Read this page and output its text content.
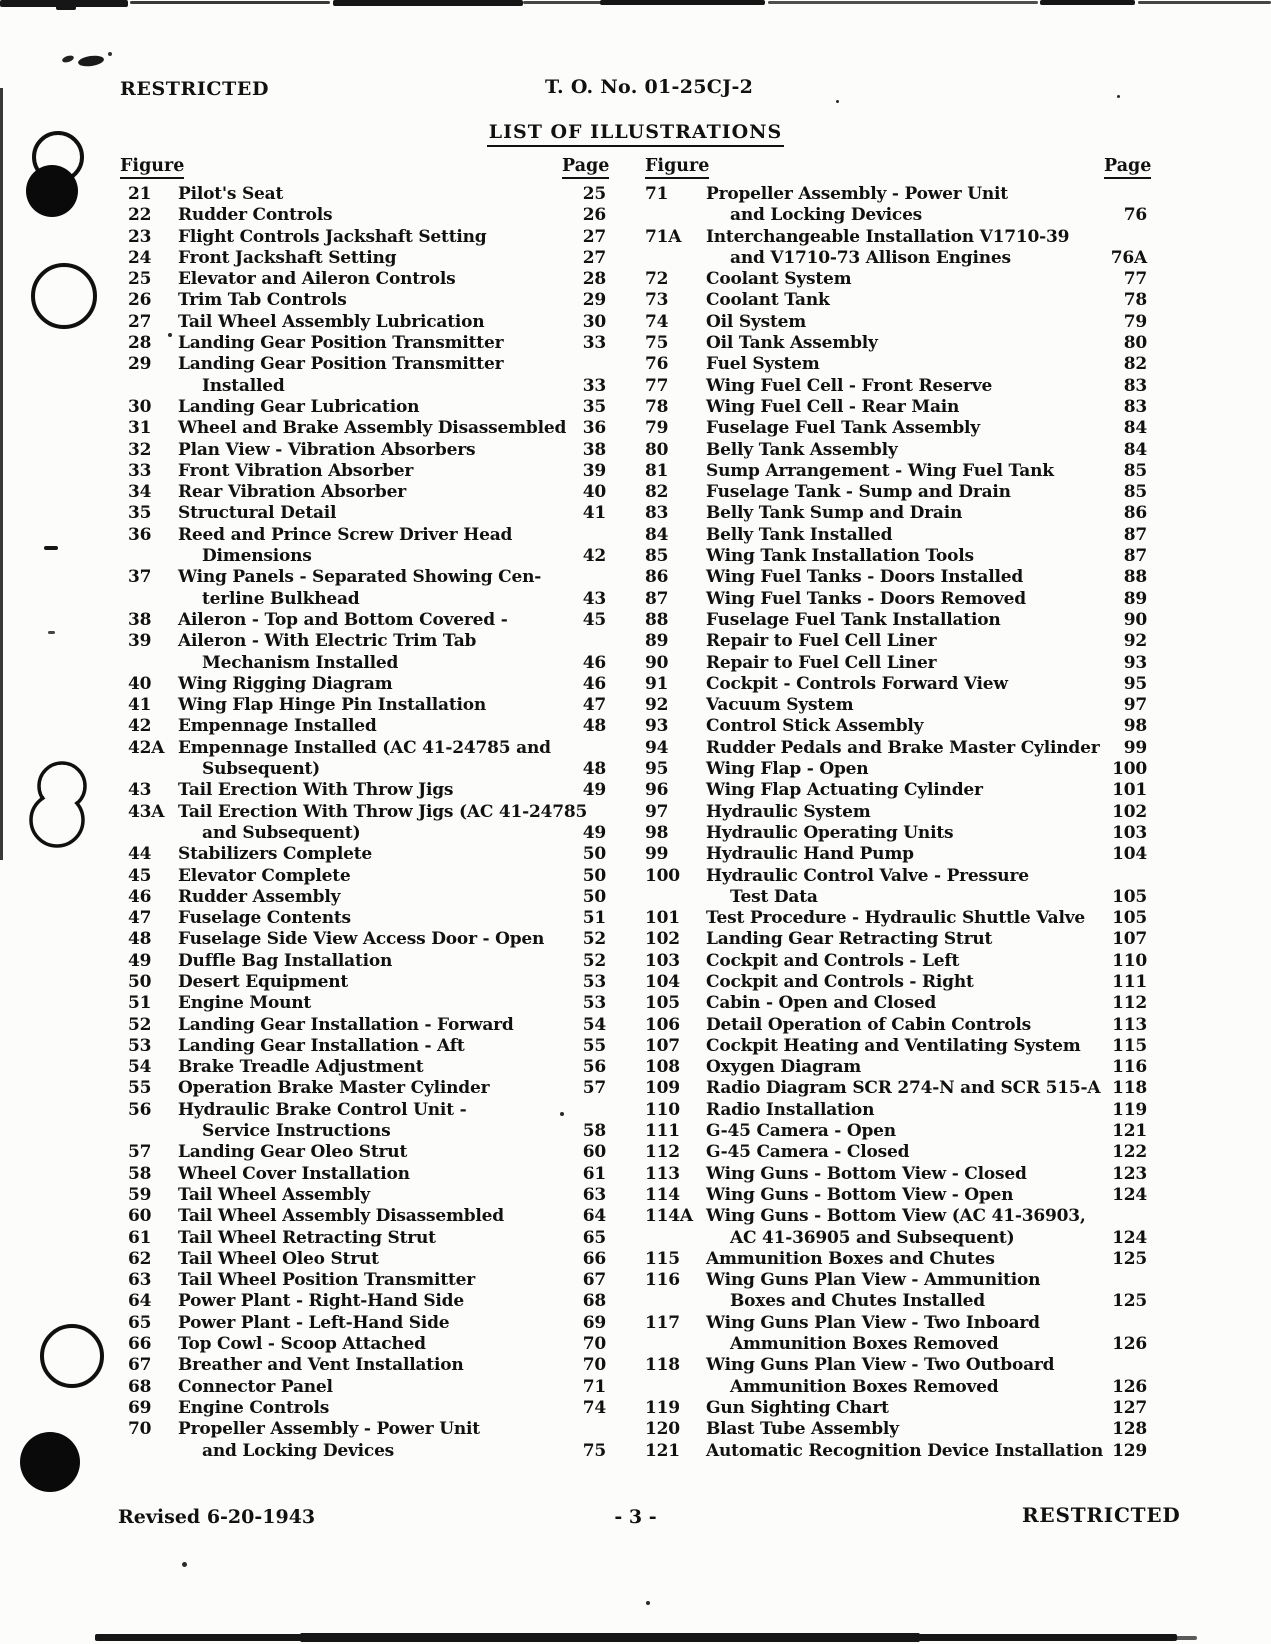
RESTRICTED	T. O. No. 01-25CJ-2
LIST OF ILLUSTRATIONS
Figure	Page Figure	Page
21 Pilot's Seat	25
22 Rudder Controls	26
23 Flight Controls Jackshaft Setting	27
24 Front Jackshaft Setting	27
25 Elevator and Aileron Controls	28
26 Trim Tab Controls	29
27 Tail Wheel Assembly Lubrication	30
28 Landing Gear Position Transmitter	33
29 Landing Gear Position Transmitter
Installed	33
30 Landing Gear Lubrication	35
31 Wheel and Brake Assembly Disassembled 36
32 Plan View - Vibration Absorbers	38
33 Front Vibration Absorber	39
34 Rear Vibration Absorber	40
35 Structural Detail	41
36 Reed and Prince Screw Driver Head
Dimensions	42
37 Wing Panels - Separated Showing Cen-
terline Bulkhead	43
38 Aileron - Top and Bottom Covered -	45
39 Aileron - With Electric Trim Tab
Mechanism Installed	46
40 Wing Rigging Diagram	46
41 Wing Flap Hinge Pin Installation	47
42 Empennage Installed	48
42A Empennage Installed (AC 41-24785 and
Subsequent)	48
43 Tail Erection With Throw Jigs	49
43A Tail Erection With Throw Jigs (AC 41-24785
and Subsequent)	49
44 Stabilizers Complete	50
45 Elevator Complete	50
46 Rudder Assembly	50
47 Fuselage Contents	51
48 Fuselage Side View Access Door - Open 52
49 Duffle Bag Installation	52
50 Desert Equipment	53
51 Engine Mount	53
52 Landing Gear Installation - Forward	54
53 Landing Gear Installation - Aft	55
54 Brake Treadle Adjustment	56
55 Operation Brake Master Cylinder	57
56 Hydraulic Brake Control Unit -
Service Instructions	58
57 Landing Gear Oleo Strut	60
58 Wheel Cover Installation	61
59 Tail Wheel Assembly	63
60 Tail Wheel Assembly Disassembled	64
61 Tail Wheel Retracting Strut	65
62 Tail Wheel Oleo Strut	66
63 Tail Wheel Position Transmitter	67
64 Power Plant - Right-Hand Side	68
65 Power Plant - Left-Hand Side	69
66 Top Cowl - Scoop Attached	70
67 Breather and Vent Installation	70
68 Connector Panel	71
69 Engine Controls	74
70 Propeller Assembly - Power Unit
and Locking Devices	75
71 Propeller Assembly - Power Unit
and Locking Devices	76
71A Interchangeable Installation V1710-39
and V1710-73 Allison Engines	76A
72 Coolant System	77
73 Coolant Tank	78
74 Oil System	79
75 Oil Tank Assembly	80
76 Fuel System	82
77 Wing Fuel Cell - Front Reserve	83
78 Wing Fuel Cell - Rear Main	83
79 Fuselage Fuel Tank Assembly	84
80 Belly Tank Assembly	84
81 Sump Arrangement - Wing Fuel Tank	85
82 Fuselage Tank - Sump and Drain	85
83 Belly Tank Sump and Drain	86
84 Belly Tank Installed	87
85 Wing Tank Installation Tools	87
86 Wing Fuel Tanks - Doors Installed	88
87 Wing Fuel Tanks - Doors Removed	89
88 Fuselage Fuel Tank Installation	90
89 Repair to Fuel Cell Liner	92
90 Repair to Fuel Cell Liner	93
91 Cockpit - Controls Forward View	95
92 Vacuum System	97
93 Control Stick Assembly	98
94 Rudder Pedals and Brake Master Cylinder 99
95 Wing Flap - Open	100
96 Wing Flap Actuating Cylinder	101
97 Hydraulic System	102
98 Hydraulic Operating Units	103
99 Hydraulic Hand Pump	104
100 Hydraulic Control Valve - Pressure
Test Data	105
101 Test Procedure - Hydraulic Shuttle Valve 105
102 Landing Gear Retracting Strut	107
103 Cockpit and Controls - Left	110
104 Cockpit and Controls - Right	111
105 Cabin - Open and Closed	112
106 Detail Operation of Cabin Controls	113
107 Cockpit Heating and Ventilating System 115
108 Oxygen Diagram	116
109 Radio Diagram SCR 274-N and SCR 515-A 118
110 Radio Installation	119
111 G-45 Camera - Open	121
112 G-45 Camera - Closed	122
113 Wing Guns - Bottom View - Closed	123
114 Wing Guns - Bottom View - Open	124
114A Wing Guns - Bottom View (AC 41-36903,
AC 41-36905 and Subsequent)	124
115 Ammunition Boxes and Chutes	125
116 Wing Guns Plan View - Ammunition
Boxes and Chutes Installed	125
117 Wing Guns Plan View - Two Inboard
Ammunition Boxes Removed	126
118 Wing Guns Plan View - Two Outboard
Ammunition Boxes Removed	126
119 Gun Sighting Chart	127
120 Blast Tube Assembly	128
121 Automatic Recognition Device Installation 129
- 3 -
Revised 6-20-1943	RESTRICTED
